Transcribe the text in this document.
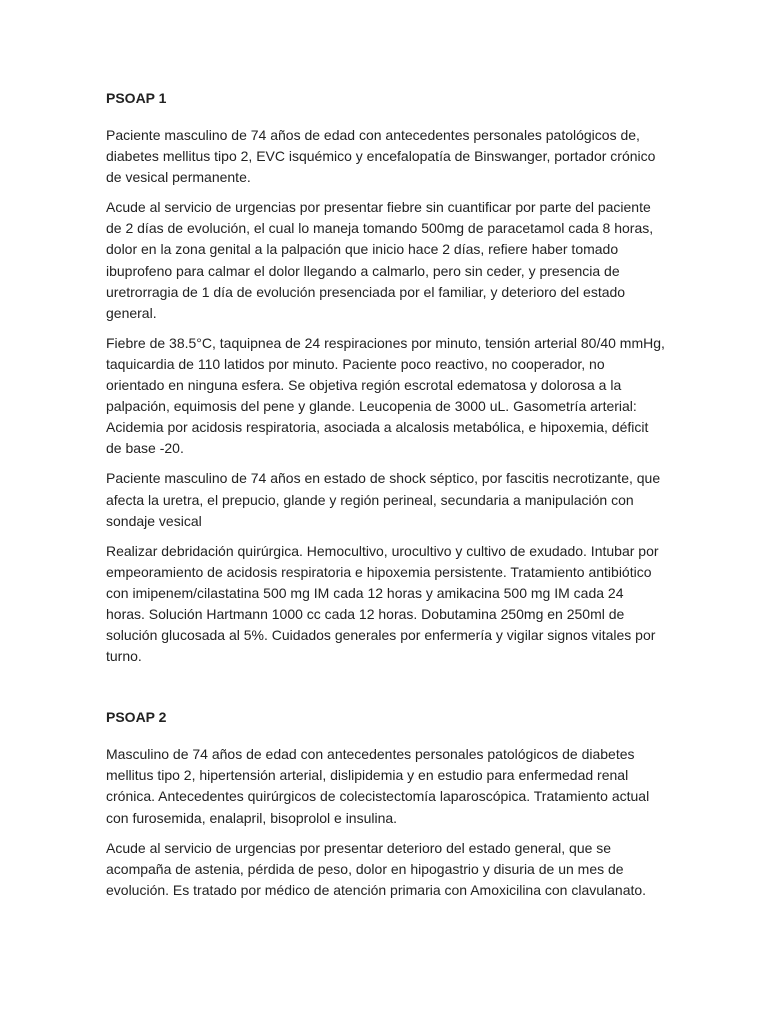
PSOAP 1

Paciente masculino de 74 años de edad con antecedentes personales patológicos de, diabetes mellitus tipo 2, EVC isquémico y encefalopatía de Binswanger, portador crónico de vesical permanente.

Acude al servicio de urgencias por presentar fiebre sin cuantificar por parte del paciente de 2 días de evolución, el cual lo maneja tomando 500mg de paracetamol cada 8 horas, dolor en la zona genital a la palpación que inicio hace 2 días, refiere haber tomado ibuprofeno para calmar el dolor llegando a calmarlo, pero sin ceder, y presencia de uretrorragia de 1 día de evolución presenciada por el familiar, y deterioro del estado general.

Fiebre de 38.5°C, taquipnea de 24 respiraciones por minuto, tensión arterial 80/40 mmHg, taquicardia de 110 latidos por minuto. Paciente poco reactivo, no cooperador, no orientado en ninguna esfera. Se objetiva región escrotal edematosa y dolorosa a la palpación, equimosis del pene y glande. Leucopenia de 3000 uL. Gasometría arterial: Acidemia por acidosis respiratoria, asociada a alcalosis metabólica, e hipoxemia, déficit de base -20.

Paciente masculino de 74 años en estado de shock séptico, por fascitis necrotizante, que afecta la uretra, el prepucio, glande y región perineal, secundaria a manipulación con sondaje vesical

Realizar debridación quirúrgica. Hemocultivo, urocultivo y cultivo de exudado. Intubar por empeoramiento de acidosis respiratoria e hipoxemia persistente. Tratamiento antibiótico con imipenem/cilastatina 500 mg IM cada 12 horas y amikacina 500 mg IM cada 24 horas. Solución Hartmann 1000 cc cada 12 horas. Dobutamina 250mg en 250ml de solución glucosada al 5%. Cuidados generales por enfermería y vigilar signos vitales por turno.

PSOAP 2

Masculino de 74 años de edad con antecedentes personales patológicos de diabetes mellitus tipo 2, hipertensión arterial, dislipidemia y en estudio para enfermedad renal crónica. Antecedentes quirúrgicos de colecistectomía laparoscópica. Tratamiento actual con furosemida, enalapril, bisoprolol e insulina.

Acude al servicio de urgencias por presentar deterioro del estado general, que se acompaña de astenia, pérdida de peso, dolor en hipogastrio y disuria de un mes de evolución. Es tratado por médico de atención primaria con Amoxicilina con clavulanato.
